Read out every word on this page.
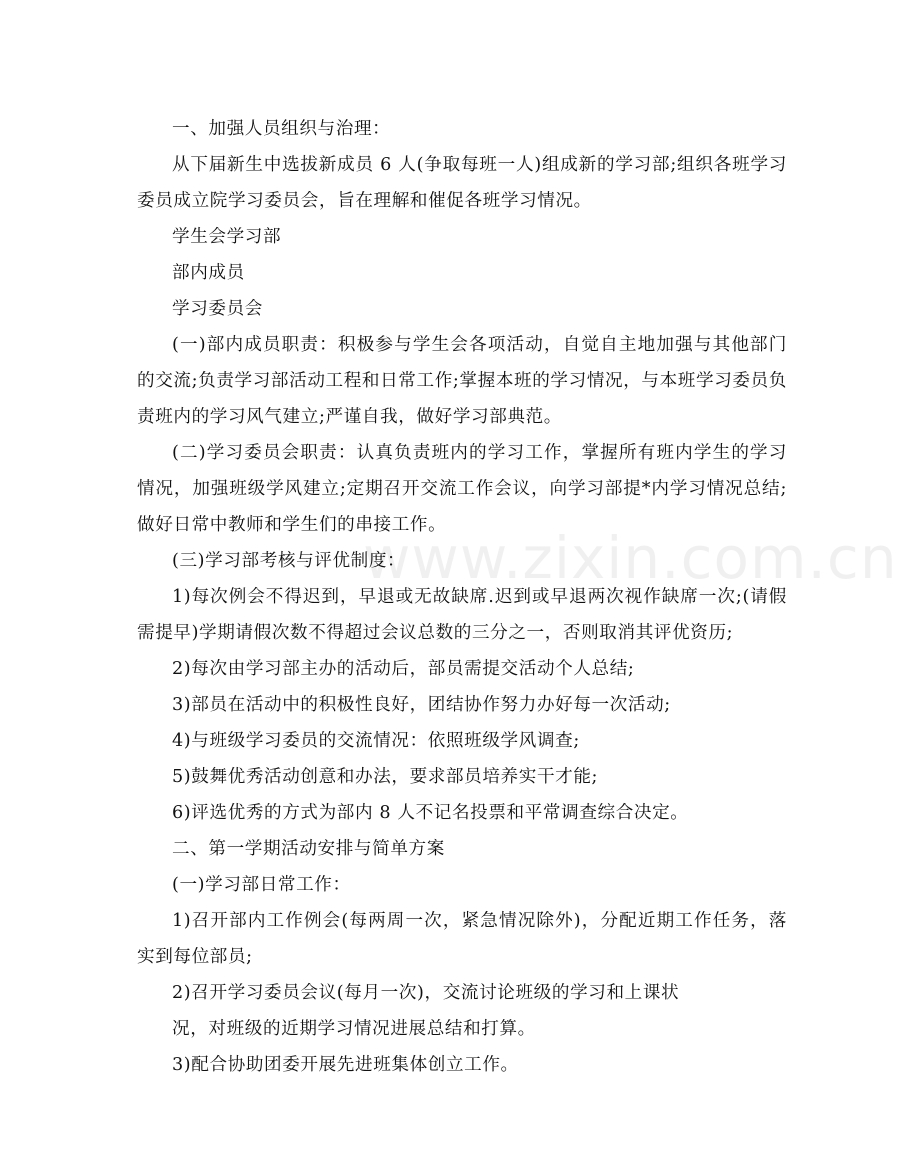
www.zixin.com.cn

一、加强人员组织与治理：

从下届新生中选拔新成员 6 人(争取每班一人)组成新的学习部;组织各班学习委员成立院学习委员会，旨在理解和催促各班学习情况。

学生会学习部

部内成员

学习委员会

(一)部内成员职责：积极参与学生会各项活动，自觉自主地加强与其他部门的交流;负责学习部活动工程和日常工作;掌握本班的学习情况，与本班学习委员负责班内的学习风气建立;严谨自我，做好学习部典范。

(二)学习委员会职责：认真负责班内的学习工作，掌握所有班内学生的学习情况，加强班级学风建立;定期召开交流工作会议，向学习部提*内学习情况总结;做好日常中教师和学生们的串接工作。

(三)学习部考核与评优制度：

1)每次例会不得迟到，早退或无故缺席.迟到或早退两次视作缺席一次;(请假需提早)学期请假次数不得超过会议总数的三分之一，否则取消其评优资历;

2)每次由学习部主办的活动后，部员需提交活动个人总结;

3)部员在活动中的积极性良好，团结协作努力办好每一次活动;

4)与班级学习委员的交流情况：依照班级学风调查;

5)鼓舞优秀活动创意和办法，要求部员培养实干才能;

6)评选优秀的方式为部内 8 人不记名投票和平常调查综合决定。

二、第一学期活动安排与简单方案

(一)学习部日常工作：

1)召开部内工作例会(每两周一次，紧急情况除外)，分配近期工作任务，落实到每位部员;

2)召开学习委员会议(每月一次)，交流讨论班级的学习和上课状

况，对班级的近期学习情况进展总结和打算。

3)配合协助团委开展先进班集体创立工作。
